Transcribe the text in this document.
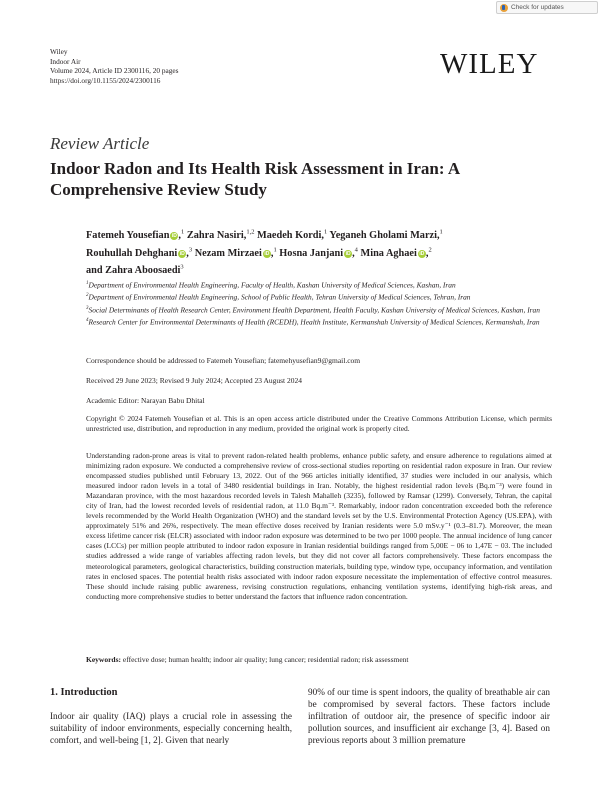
Check for updates
Wiley
Indoor Air
Volume 2024, Article ID 2300116, 20 pages
https://doi.org/10.1155/2024/2300116	WILEY
Review Article
Indoor Radon and Its Health Risk Assessment in Iran: A Comprehensive Review Study
Fatemeh Yousefian iD ,$^1$ Zahra Nasiri,$^{1,2}$ Maedeh Kordi,$^1$ Yeganeh Gholami Marzi,$^1$
Rouhullah Dehghani iD ,$^3$ Nezam Mirzaei iD ,$^1$ Hosna Janjani iD ,$^4$ Mina Aghaei iD ,$^2$
and Zahra Aboosaedi$^3$

$^1$Department of Environmental Health Engineering, Faculty of Health, Kashan University of Medical Sciences, Kashan, Iran

$^2$Department of Environmental Health Engineering, School of Public Health, Tehran University of Medical Sciences, Tehran, Iran

$^3$Social Determinants of Health Research Center, Environment Health Department, Health Faculty, Kashan University of Medical Sciences, Kashan, Iran

$^4$Research Center for Environmental Determinants of Health (RCEDH), Health Institute, Kermanshah University of Medical Sciences, Kermanshah, Iran

Correspondence should be addressed to Fatemeh Yousefian; fatemehyusefian9@gmail.com
Received 29 June 2023; Revised 9 July 2024; Accepted 23 August 2024
Academic Editor: Narayan Babu Dhital
Copyright © 2024 Fatemeh Yousefian et al. This is an open access article distributed under the Creative Commons Attribution License, which permits unrestricted use, distribution, and reproduction in any medium, provided the original work is properly cited.

Understanding radon-prone areas is vital to prevent radon-related health problems, enhance public safety, and ensure adherence to regulations aimed at minimizing radon exposure. We conducted a comprehensive review of cross-sectional studies reporting on residential radon exposure in Iran. Our review encompassed studies published until February 13, 2022. Out of the 966 articles initially identified, 37 studies were included in our analysis, which measured indoor radon levels in a total of 3480 residential buildings in Iran. Notably, the highest residential radon levels (Bq.m⁻³) were found in Mazandaran province, with the most hazardous recorded levels in Talesh Mahalleh (3235), followed by Ramsar (1299). Conversely, Tehran, the capital city of Iran, had the lowest recorded levels of residential radon, at 11.0 Bq.m⁻³. Remarkably, indoor radon concentration exceeded both the reference levels recommended by the World Health Organization (WHO) and the standard levels set by the U.S. Environmental Protection Agency (US.EPA), with approximately 51% and 26%, respectively. The mean effective doses received by Iranian residents were 5.0 mSv.y⁻¹ (0.3–81.7). Moreover, the mean excess lifetime cancer risk (ELCR) associated with indoor radon exposure was determined to be two per 1000 people. The annual incidence of lung cancer cases (LCCs) per million people attributed to indoor radon exposure in Iranian residential buildings ranged from 5,00E − 06 to 1,47E − 03. The included studies addressed a wide range of variables affecting radon levels, but they did not cover all factors comprehensively. These factors encompass the meteorological parameters, geological characteristics, building construction materials, building type, window type, occupancy information, and ventilation rates in enclosed spaces. The potential health risks associated with indoor radon exposure necessitate the implementation of effective control measures. These should include raising public awareness, revising construction regulations, enhancing ventilation systems, identifying high-risk areas, and conducting more comprehensive studies to better understand the factors that influence radon concentration.

Keywords: effective dose; human health; indoor air quality; lung cancer; residential radon; risk assessment
1. Introduction

Indoor air quality (IAQ) plays a crucial role in assessing the suitability of indoor environments, especially concerning health, comfort, and well-being [1, 2]. Given that nearly

90% of our time is spent indoors, the quality of breathable air can be compromised by several factors. These factors include infiltration of outdoor air, the presence of specific indoor air pollution sources, and insufficient air exchange [3, 4]. Based on previous reports about 3 million premature
